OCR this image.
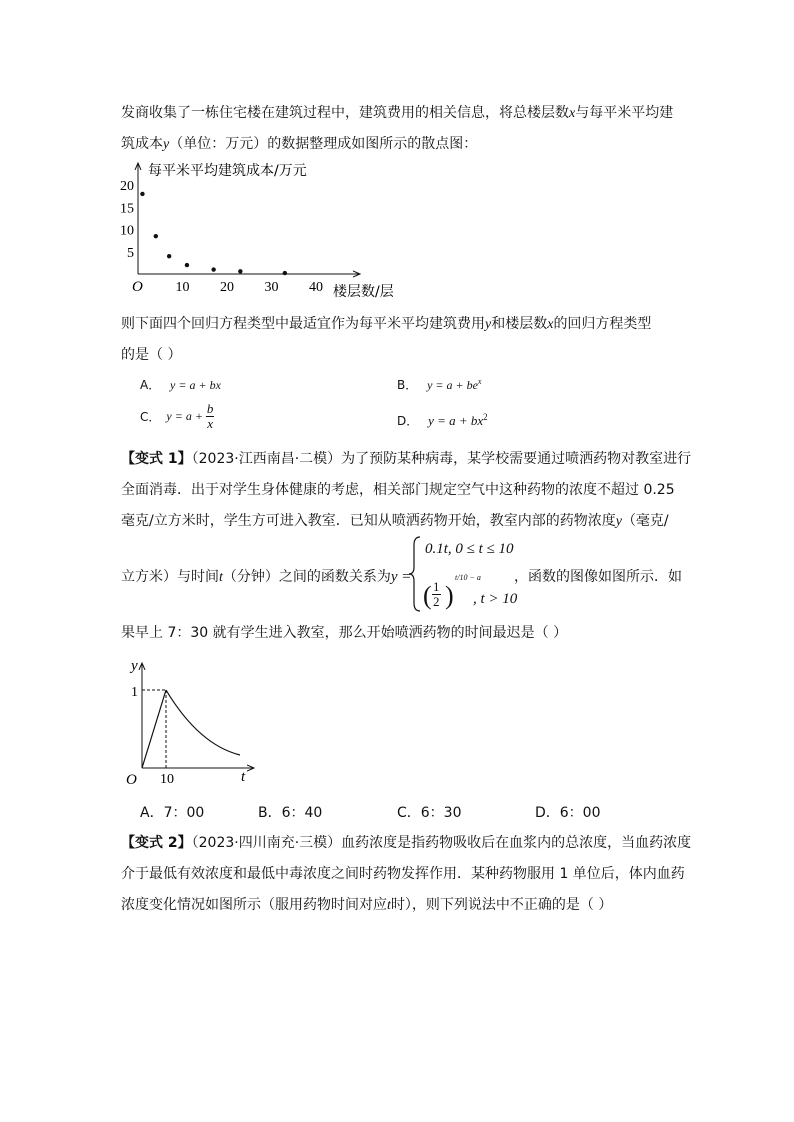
发商收集了一栋住宅楼在建筑过程中，建筑费用的相关信息，将总楼层数x与每平米平均建
筑成本y（单位：万元）的数据整理成如图所示的散点图：
每平米平均建筑成本/万元
楼层数/层
O 10 20 30 40
5
10
15
20
则下面四个回归方程类型中最适宜作为每平米平均建筑费用y和楼层数x的回归方程类型
的是（ ）
A． y = a + bx	B． $y = a + be^x$
C． $y = a + \frac{b}{x}$	D． $y = a + bx^2$
【变式 1】（2023·江西南昌·二模）为了预防某种病毒，某学校需要通过喷洒药物对教室进行
全面消毒．出于对学生身体健康的考虑，相关部门规定空气中这种药物的浓度不超过 0.25
毫克/立方米时，学生方可进入教室．已知从喷洒药物开始，教室内部的药物浓度y（毫克/
立方米）与时间t（分钟）之间的函数关系为y =
0.1t, 0 ≤ t ≤ 10
( $\frac{1}{2}$ )
t/10 − a
, t > 10
，函数的图像如图所示．如
果早上 7：30 就有学生进入教室，那么开始喷洒药物的时间最迟是（ ）
y
t
O
1
10
A．7：00	B．6：40	C．6：30	D．6：00
【变式 2】（2023·四川南充·三模）血药浓度是指药物吸收后在血浆内的总浓度，当血药浓度
介于最低有效浓度和最低中毒浓度之间时药物发挥作用．某种药物服用 1 单位后，体内血药
浓度变化情况如图所示（服用药物时间对应t时），则下列说法中不正确的是（ ）
